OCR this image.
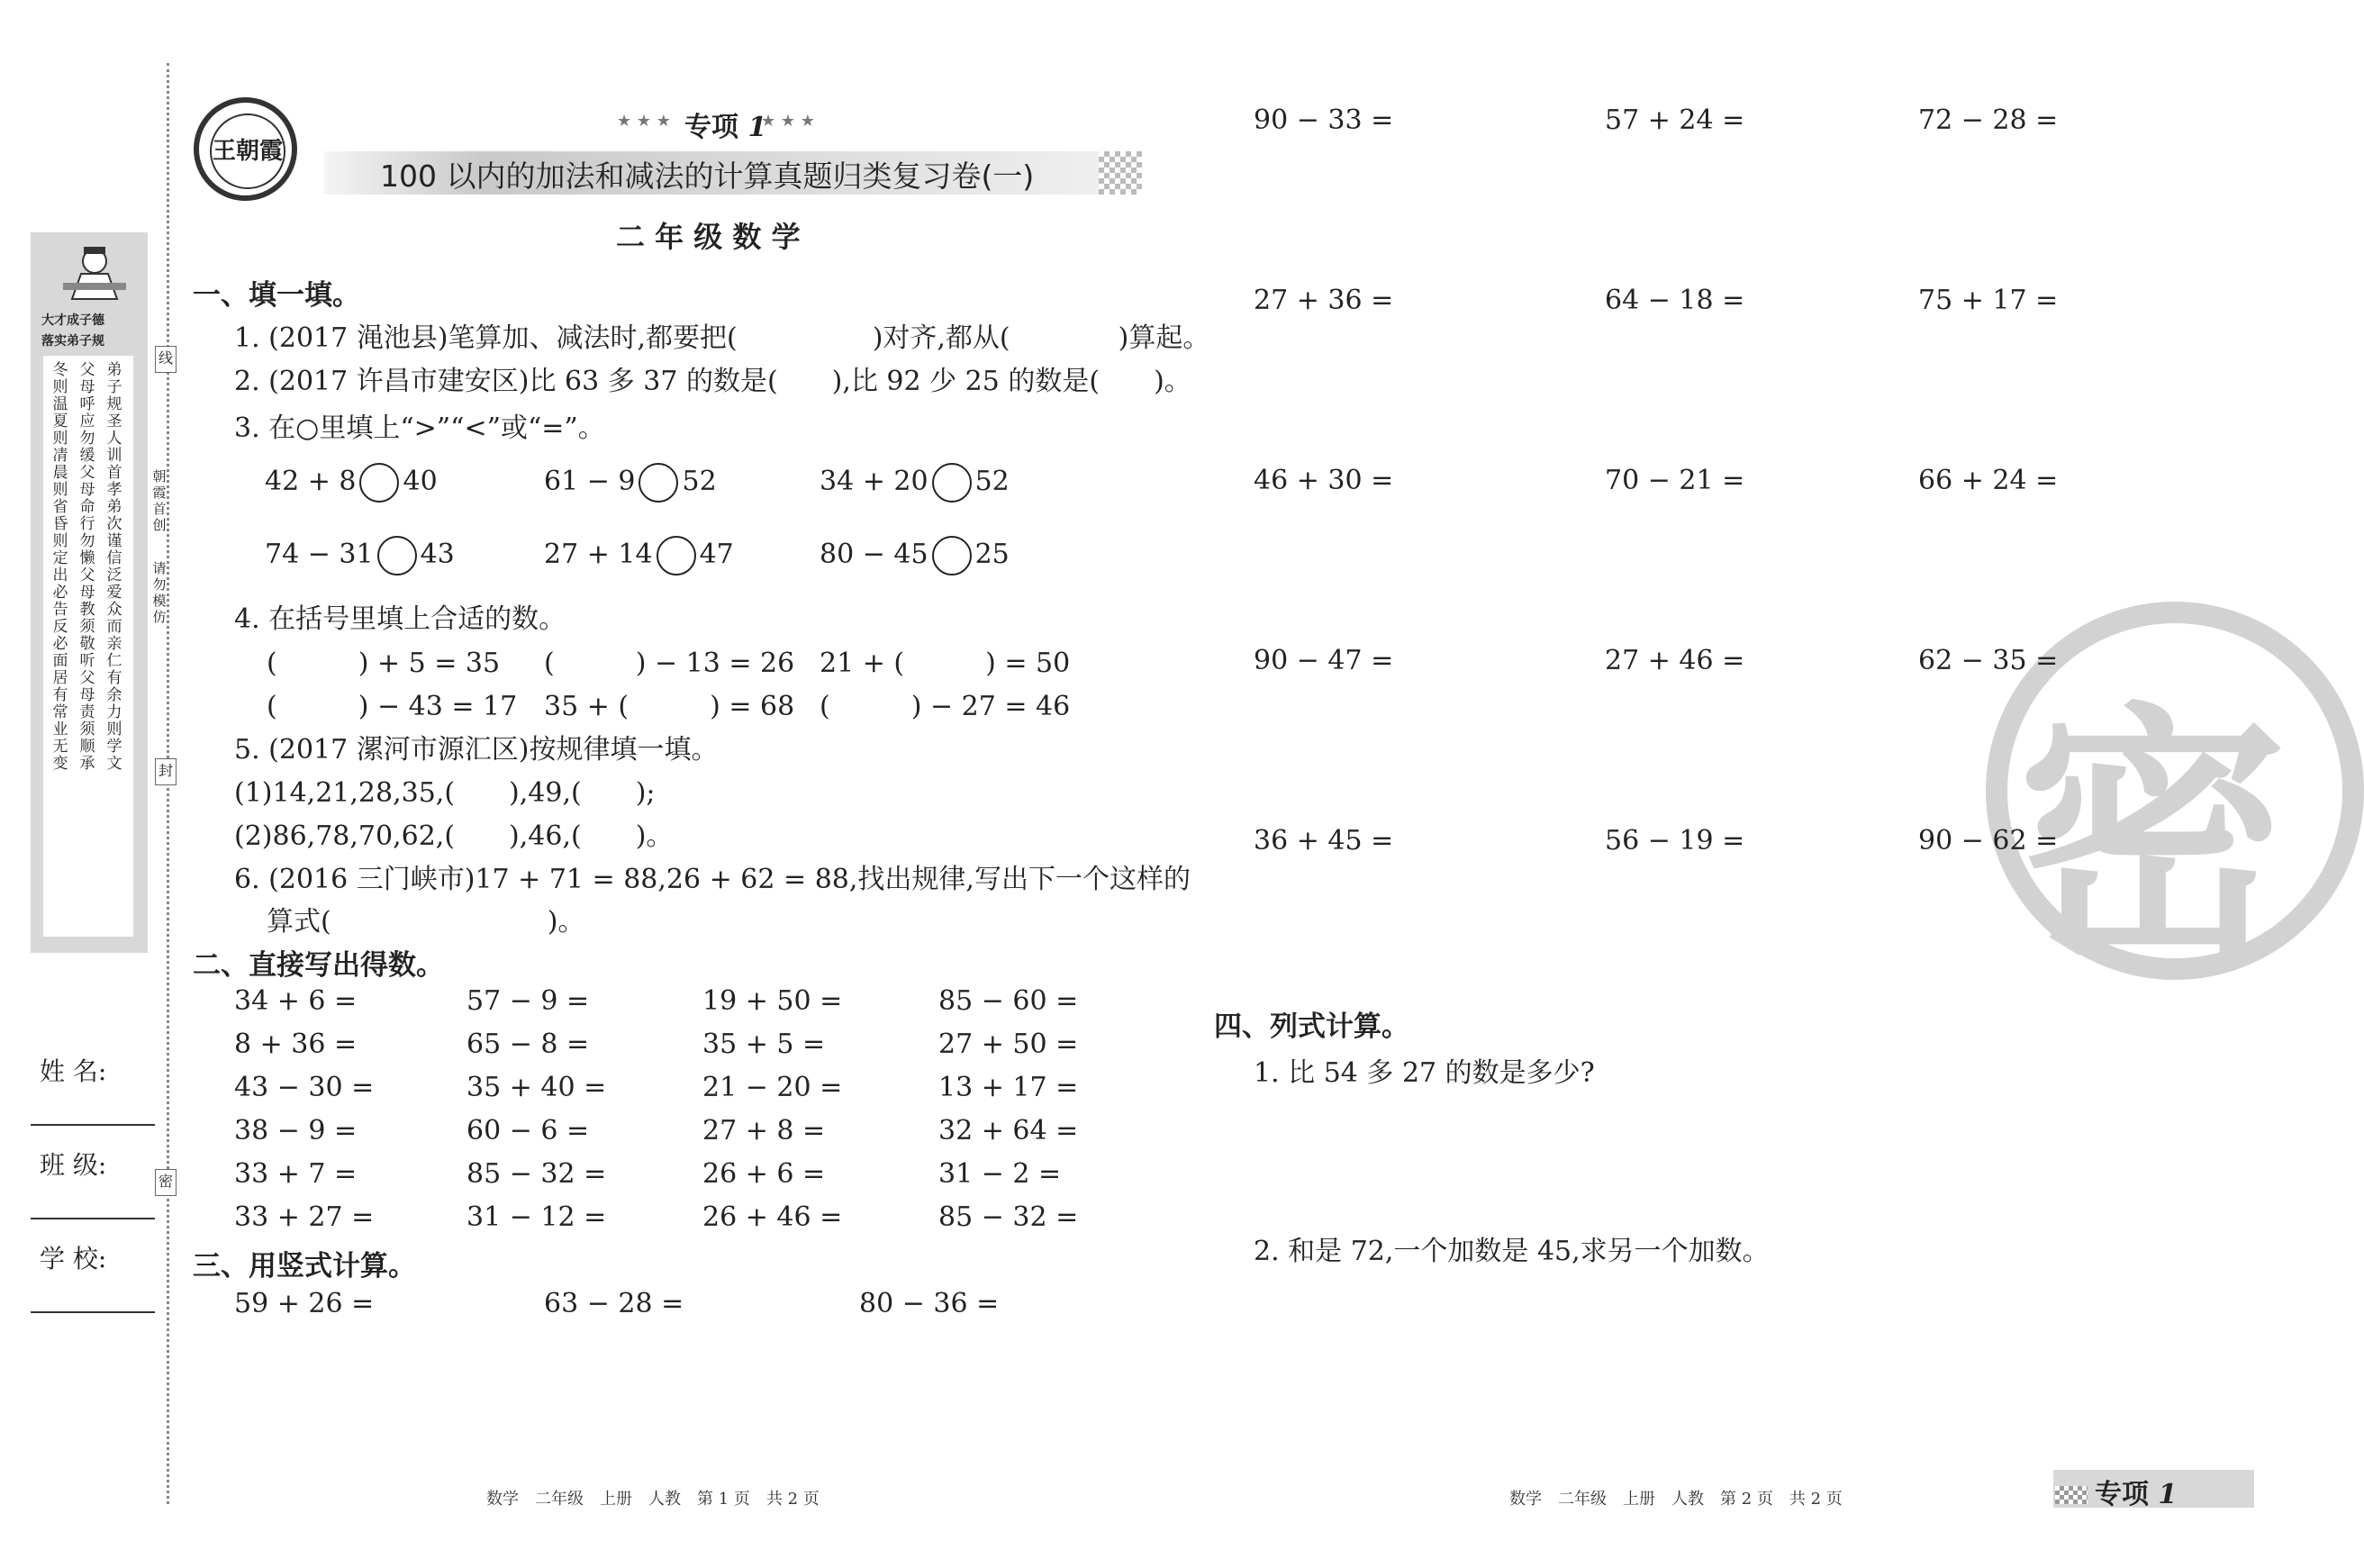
大才成子德
落实弟子规
弟子规圣人训首孝弟次谨信泛爱众而亲仁有余力则学文
父母呼应勿缓父母命行勿懒父母教须敬听父母责须顺承
冬则温夏则凊晨则省昏则定出必告反必面居有常业无变
线
朝霞首创
请勿模仿
封
密
姓 名:
班 级:
学 校:
王朝霞
★ ★ ★ 专项 1
★ ★ ★
100 以内的加法和减法的计算真题归类复习卷(一)
二 年 级 数 学
一、填一填。
1. (2017 渑池县)笔算加、减法时,都要把(　　　　　)对齐,都从(　　　　)算起。
2. (2017 许昌市建安区)比 63 多 37 的数是(　　),比 92 少 25 的数是(　　)。
3. 在○里填上“>”“<”或“=”。
42 + 8 40	61 − 9 52	34 + 20 52
74 − 31 43	27 + 14 47	80 − 45 25
4. 在括号里填上合适的数。
(　　　) + 5 = 35 (　　　) − 13 = 26 21 + (　　　) = 50
(　　　) − 43 = 17 35 + (　　　) = 68 (　　　) − 27 = 46
5. (2017 漯河市源汇区)按规律填一填。
(1)14,21,28,35,(　　),49,(　　);
(2)86,78,70,62,(　　),46,(　　)。
6. (2016 三门峡市)17 + 71 = 88,26 + 62 = 88,找出规律,写出下一个这样的
算式(　　　　　　　　)。
二、直接写出得数。
三、用竖式计算。
59 + 26 =	63 − 28 =	80 − 36 =
密
四、列式计算。
1. 比 54 多 27 的数是多少?
2. 和是 72,一个加数是 45,求另一个加数。
数学　二年级　上册　人教　第 1 页　共 2 页	数学　二年级　上册　人教　第 2 页　共 2 页	专项 1
34 + 6 =	57 − 9 =	19 + 50 =	85 − 60 =
8 + 36 =	65 − 8 =	35 + 5 =	27 + 50 =
43 − 30 =	35 + 40 =	21 − 20 =	13 + 17 =
38 − 9 =	60 − 6 =	27 + 8 =	32 + 64 =
33 + 7 =	85 − 32 =	26 + 6 =	31 − 2 =
33 + 27 =	31 − 12 =	26 + 46 =	85 − 32 =
90 − 33 =	57 + 24 =	72 − 28 =
27 + 36 =	64 − 18 =	75 + 17 =
46 + 30 =	70 − 21 =	66 + 24 =
90 − 47 =	27 + 46 =	62 − 35 =
36 + 45 =	56 − 19 =	90 − 62 =
